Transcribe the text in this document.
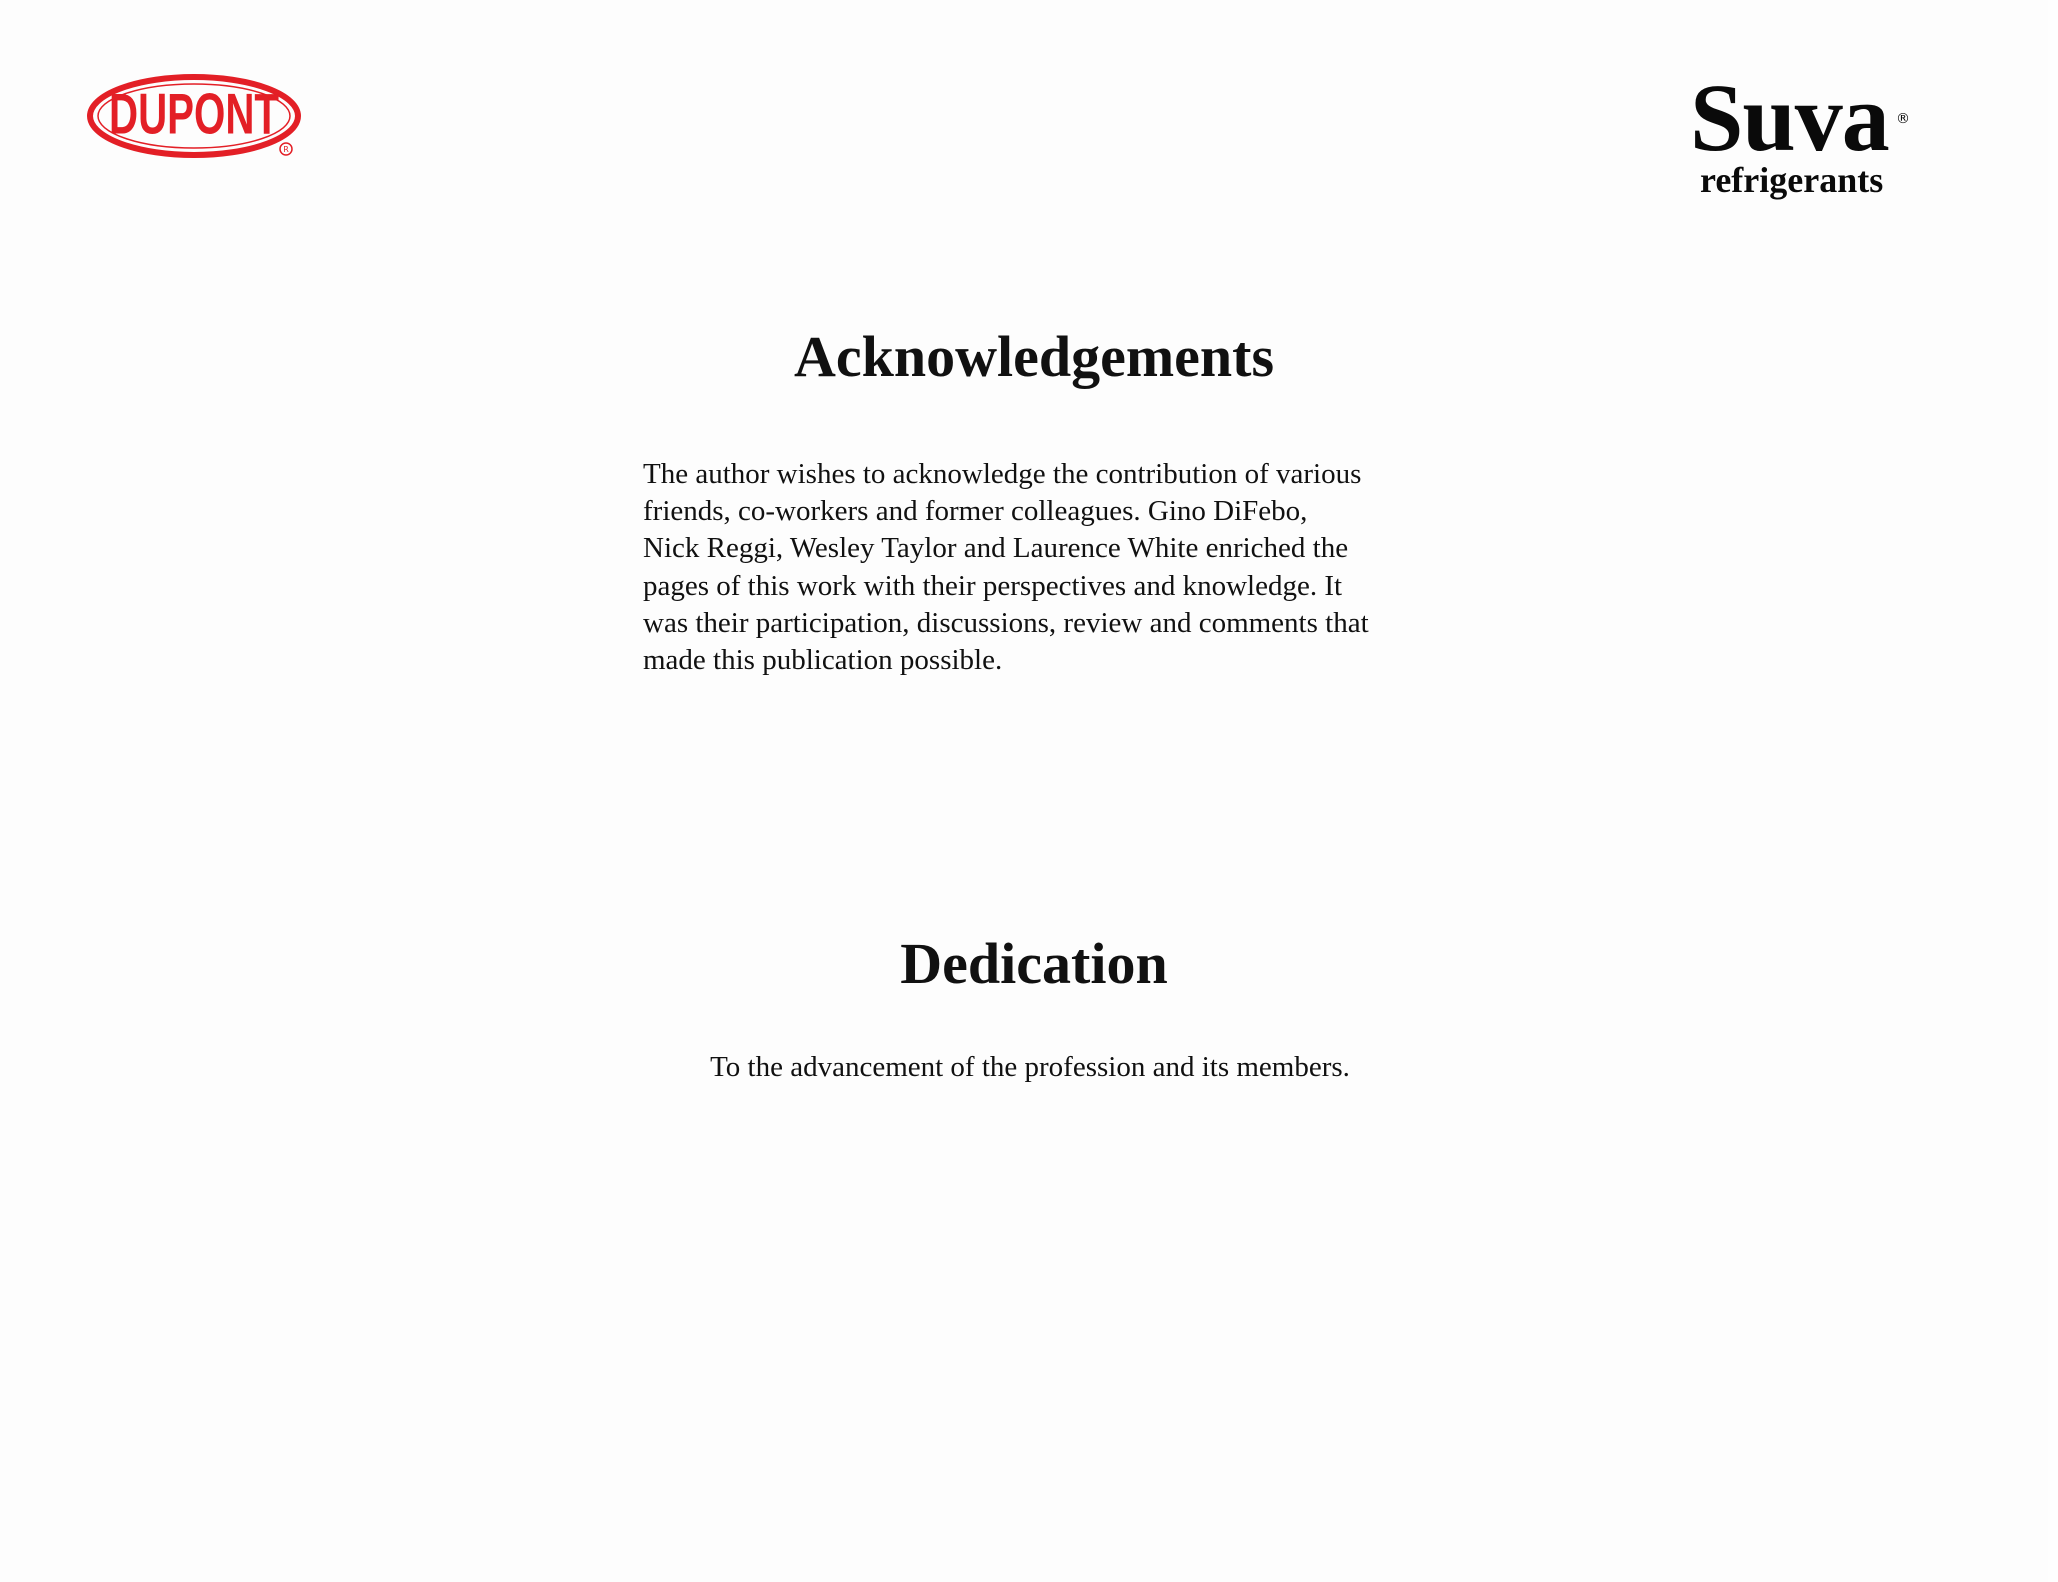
DUPONT
R	Suva ®
refrigerants
Acknowledgements
The author wishes to acknowledge the contribution of various
friends, co-workers and former colleagues. Gino DiFebo,
Nick Reggi, Wesley Taylor and Laurence White enriched the
pages of this work with their perspectives and knowledge. It
was their participation, discussions, review and comments that
made this publication possible.
Dedication

To the advancement of the profession and its members.
